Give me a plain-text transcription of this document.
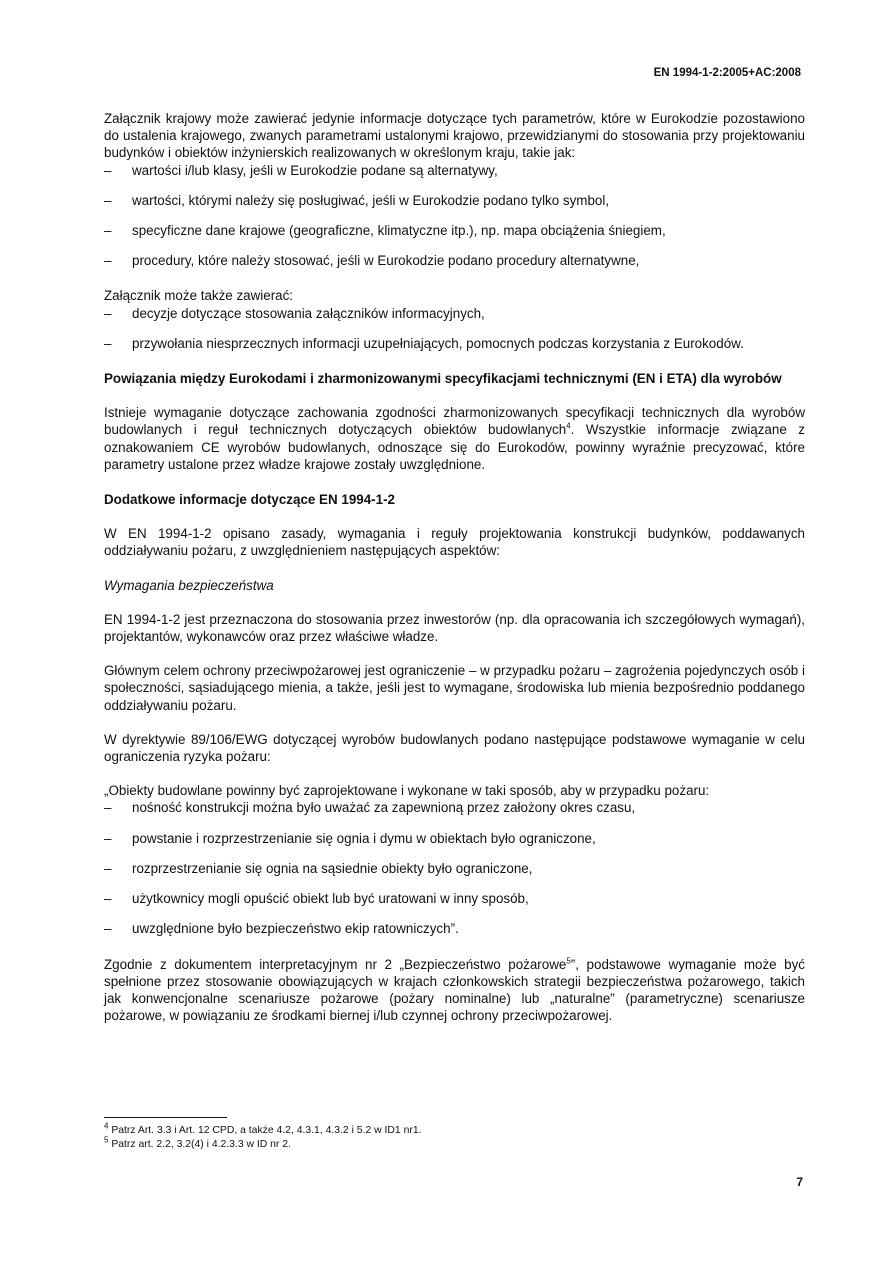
EN 1994-1-2:2005+AC:2008

Załącznik krajowy może zawierać jedynie informacje dotyczące tych parametrów, które w Eurokodzie pozostawiono do ustalenia krajowego, zwanych parametrami ustalonymi krajowo, przewidzianymi do stosowania przy projektowaniu budynków i obiektów inżynierskich realizowanych w określonym kraju, takie jak:

– wartości i/lub klasy, jeśli w Eurokodzie podane są alternatywy,
– wartości, którymi należy się posługiwać, jeśli w Eurokodzie podano tylko symbol,
– specyficzne dane krajowe (geograficzne, klimatyczne itp.), np. mapa obciążenia śniegiem,
– procedury, które należy stosować, jeśli w Eurokodzie podano procedury alternatywne,

Załącznik może także zawierać:

– decyzje dotyczące stosowania załączników informacyjnych,
– przywołania niesprzecznych informacji uzupełniających, pomocnych podczas korzystania z Eurokodów.

Powiązania między Eurokodami i zharmonizowanymi specyfikacjami technicznymi (EN i ETA) dla wyrobów

Istnieje wymaganie dotyczące zachowania zgodności zharmonizowanych specyfikacji technicznych dla wyrobów budowlanych i reguł technicznych dotyczących obiektów budowlanych$^4$. Wszystkie informacje związane z oznakowaniem CE wyrobów budowlanych, odnoszące się do Eurokodów, powinny wyraźnie precyzować, które parametry ustalone przez władze krajowe zostały uwzględnione.

Dodatkowe informacje dotyczące EN 1994-1-2

W EN 1994-1-2 opisano zasady, wymagania i reguły projektowania konstrukcji budynków, poddawanych oddziaływaniu pożaru, z uwzględnieniem następujących aspektów:

Wymagania bezpieczeństwa

EN 1994-1-2 jest przeznaczona do stosowania przez inwestorów (np. dla opracowania ich szczegółowych wymagań), projektantów, wykonawców oraz przez właściwe władze.

Głównym celem ochrony przeciwpożarowej jest ograniczenie – w przypadku pożaru – zagrożenia pojedynczych osób i społeczności, sąsiadującego mienia, a także, jeśli jest to wymagane, środowiska lub mienia bezpośrednio poddanego oddziaływaniu pożaru.

W dyrektywie 89/106/EWG dotyczącej wyrobów budowlanych podano następujące podstawowe wymaganie w celu ograniczenia ryzyka pożaru:

„Obiekty budowlane powinny być zaprojektowane i wykonane w taki sposób, aby w przypadku pożaru:

– nośność konstrukcji można było uważać za zapewnioną przez założony okres czasu,
– powstanie i rozprzestrzenianie się ognia i dymu w obiektach było ograniczone,
– rozprzestrzenianie się ognia na sąsiednie obiekty było ograniczone,
– użytkownicy mogli opuścić obiekt lub być uratowani w inny sposób,
– uwzględnione było bezpieczeństwo ekip ratowniczych”.

Zgodnie z dokumentem interpretacyjnym nr 2 „Bezpieczeństwo pożarowe$^5$”, podstawowe wymaganie może być spełnione przez stosowanie obowiązujących w krajach członkowskich strategii bezpieczeństwa pożarowego, takich jak konwencjonalne scenariusze pożarowe (pożary nominalne) lub „naturalne” (parametryczne) scenariusze pożarowe, w powiązaniu ze środkami biernej i/lub czynnej ochrony przeciwpożarowej.

$^4$ Patrz Art. 3.3 i Art. 12 CPD, a także 4.2, 4.3.1, 4.3.2 i 5.2 w ID1 nr1.
$^5$ Patrz art. 2.2, 3.2(4) i 4.2.3.3 w ID nr 2.
7
